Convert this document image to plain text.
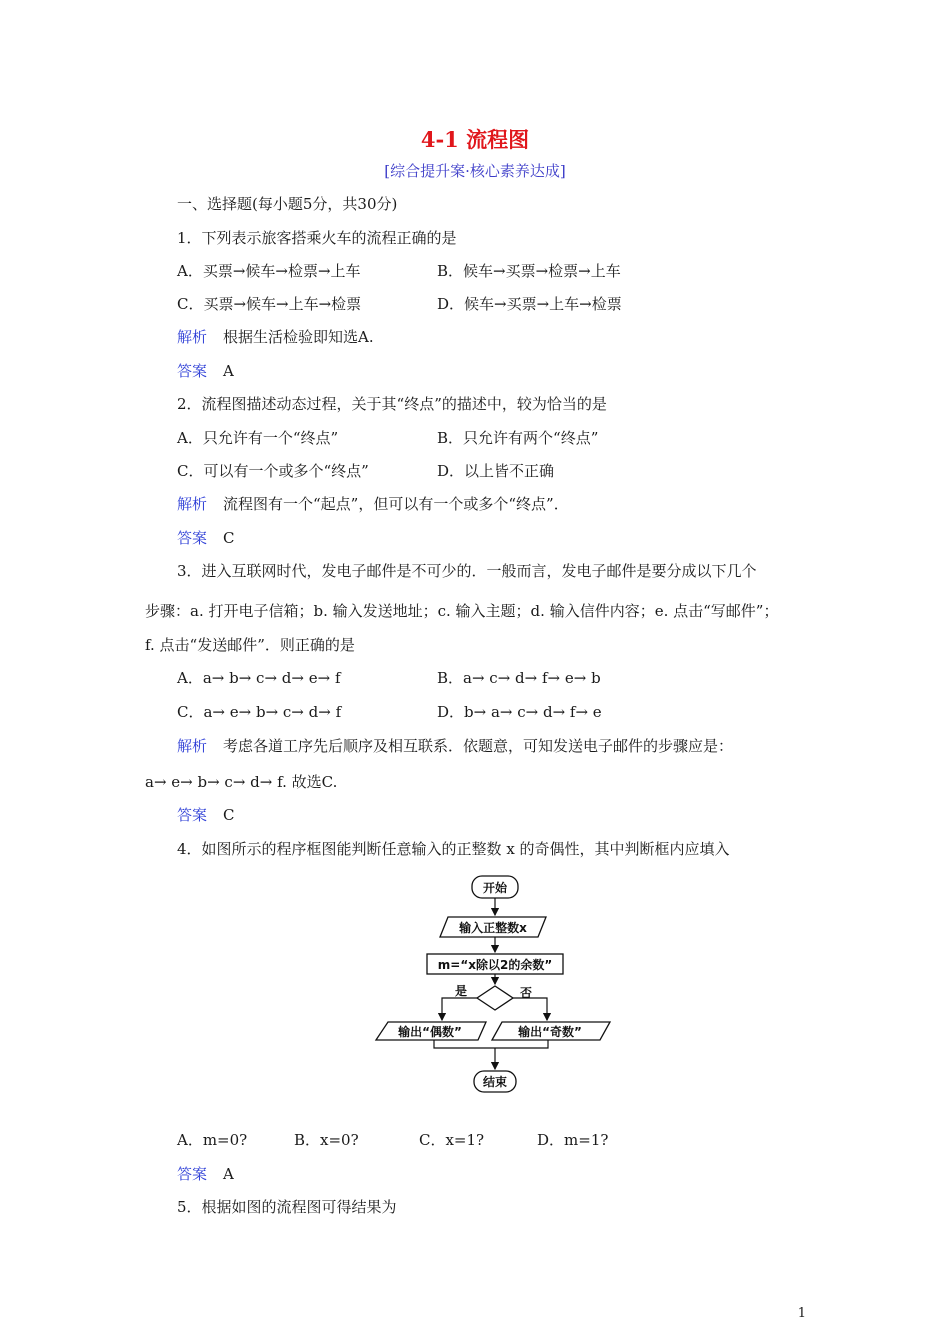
4-1 流程图
[综合提升案·核心素养达成]
一、选择题(每小题5分，共30分)
1．下列表示旅客搭乘火车的流程正确的是
A．买票→候车→检票→上车	B．候车→买票→检票→上车
C．买票→候车→上车→检票	D．候车→买票→上车→检票
解析 根据生活检验即知选A.
答案 A
2．流程图描述动态过程，关于其“终点”的描述中，较为恰当的是
A．只允许有一个“终点”	B．只允许有两个“终点”
C．可以有一个或多个“终点”	D．以上皆不正确
解析 流程图有一个“起点”，但可以有一个或多个“终点”．
答案 C
3．进入互联网时代，发电子邮件是不可少的．一般而言，发电子邮件是要分成以下几个
步骤：a. 打开电子信箱；b. 输入发送地址；c. 输入主题；d. 输入信件内容；e. 点击“写邮件”；
f. 点击“发送邮件”．则正确的是
A．a→ b→ c→ d→ e→ f	B．a→ c→ d→ f→ e→ b
C．a→ e→ b→ c→ d→ f	D．b→ a→ c→ d→ f→ e
解析 考虑各道工序先后顺序及相互联系．依题意，可知发送电子邮件的步骤应是：
a→ e→ b→ c→ d→ f. 故选C.
答案 C
4．如图所示的程序框图能判断任意输入的正整数 x 的奇偶性，其中判断框内应填入
开始
输入正整数x
m=“x除以2的余数”
是	否
输出“偶数”	输出“奇数”
结束
A．m=0?	B．x=0?	C．x=1?	D．m=1?
答案 A
5．根据如图的流程图可得结果为
1
